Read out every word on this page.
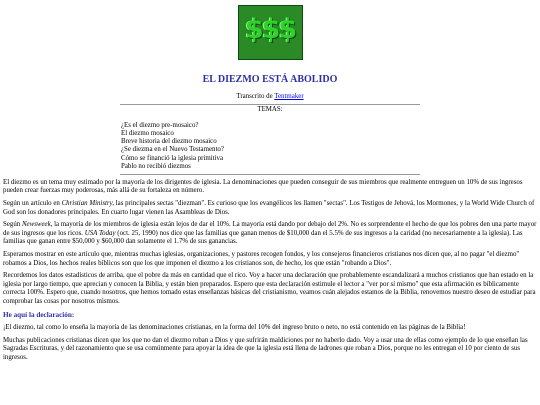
$$$
EL DIEZMO ESTÁ ABOLIDO
Transcrito de Tentmaker
TEMAS:
¿Es el diezmo pre-mosaico?
El diezmo mosaico
Breve historia del diezmo mosaico
¿Se diezma en el Nuevo Testamento?
Cómo se financió la iglesia primitiva
Pablo no recibió diezmos

El diezmo es un tema muy estimado por la mayoría de los dirigentes de iglesia. La denominaciones que pueden conseguir de sus miembros que realmente entreguen un 10% de sus ingresos pueden crear fuerzas muy poderosas, más allá de su fortaleza en número.

Según un artículo en Christian Ministry, las principales sectas "diezman". Es curioso que los evangélicos les llamen "sectas". Los Testigos de Jehová, los Mormones, y la World Wide Church of God son los donadores principales. En cuarto lugar vienen las Asambleas de Dios.

Según Newsweek, la mayoría de los miembros de iglesia están lejos de dar el 10%. La mayoría está dando por debajo del 2%. No es sorprendente el hecho de que los pobres den una parte mayor de sus ingresos que los ricos. USA Today (oct. 25, 1990) nos dice que las familias que ganan menos de $10,000 dan el 5.5% de sus ingresos a la caridad (no necesariamente a la iglesia). Las familias que ganan entre $50,000 y $60,000 dan solamente el 1.7% de sus ganancias.

Esperamos mostrar en este artículo que, mientras muchas iglesias, organizaciones, y pastores recogen fondos, y los consejeros financieros cristianos nos dicen que, al no pagar "el diezmo" robamos a Dios, los hechos reales bíblicos son que los que imponen el diezmo a los cristianos son, de hecho, los que están "robando a Dios".

Recordemos los datos estadísticos de arriba, que el pobre da más en cantidad que el rico. Voy a hacer una declaración que probablemente escandalizará a muchos cristianos que han estado en la iglesia por largo tiempo, que aprecian y conocen la Biblia, y están bien preparados. Espero que esta declaración estimule el lector a "ver por sí mismo" que esta afirmación es bíblicamente correcta 100%. Espero que, cuando nosotros, que hemos tomado estas enseñanzas básicas del cristianismo, veamos cuán alejados estamos de la Biblia, renovemos nuestro deseo de estudiar para comprobar las cosas por nosotros mismos.

He aquí la declaración:

¡El diezmo, tal como lo enseña la mayoría de las denominaciones cristianas, en la forma del 10% del ingreso bruto o neto, no está contenido en las páginas de la Biblia!

Muchas publicaciones cristianas dicen que los que no dan el diezmo roban a Dios y que sufrirán maldiciones por no haberlo dado. Voy a usar una de ellas como ejemplo de lo que enseñan las Sagradas Escrituras, y del razonamiento que se usa comúnmente para apoyar la idea de que la iglesia está llena de ladrones que roban a Dios, porque no les entregan el 10 por ciento de sus ingresos.
